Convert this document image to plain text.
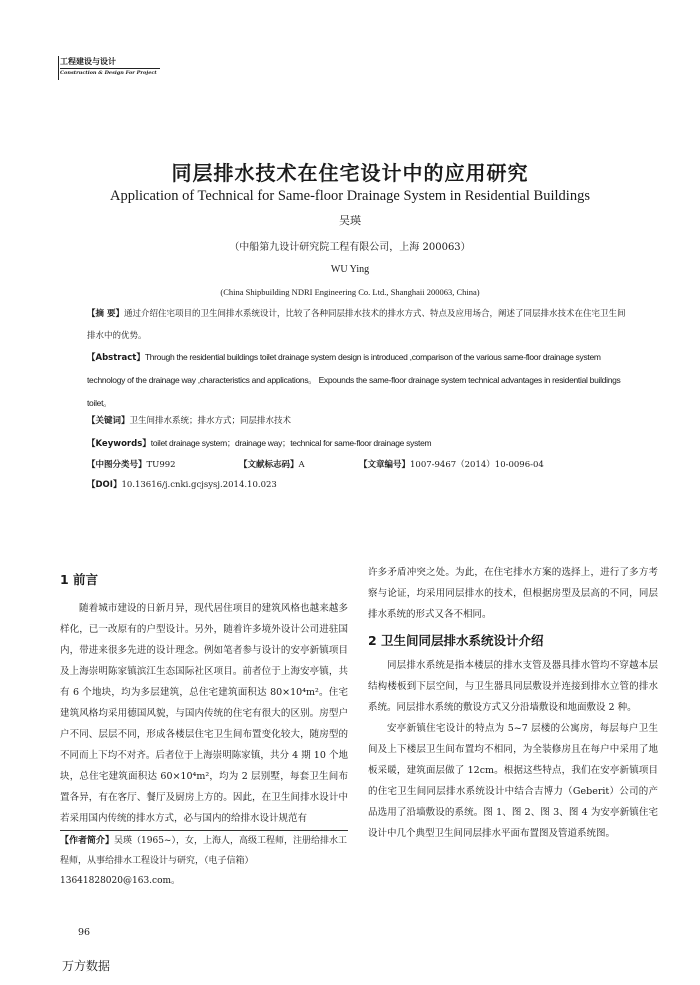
工程建设与设计
Construction & Design For Project
同层排水技术在住宅设计中的应用研究
Application of Technical for Same-floor Drainage System in Residential Buildings
吴瑛
（中船第九设计研究院工程有限公司，上海 200063）
WU Ying
(China Shipbuilding NDRI Engineering Co. Ltd., Shanghaii 200063, China)
【摘 要】通过介绍住宅项目的卫生间排水系统设计，比较了各种同层排水技术的排水方式、特点及应用场合，阐述了同层排水技术在住宅卫生间排水中的优势。
【Abstract】Through the residential buildings toilet drainage system design is introduced ,comparison of the various same-floor drainage system technology of the drainage way ,characteristics and applications。 Expounds the same-floor drainage system technical advantages in residential buildings toilet。
【关键词】卫生间排水系统；排水方式；同层排水技术
【Keywords】toilet drainage system；drainage way；technical for same-floor drainage system
【中图分类号】TU992	【文献标志码】A	【文章编号】1007-9467（2014）10-0096-04
【DOI】10.13616/j.cnki.gcjsysj.2014.10.023
1 前言

随着城市建设的日新月异，现代居住项目的建筑风格也越来越多样化，已一改原有的户型设计。另外，随着许多境外设计公司进驻国内，带进来很多先进的设计理念。例如笔者参与设计的安亭新镇项目及上海崇明陈家镇滨江生态国际社区项目。前者位于上海安亭镇，共有 6 个地块，均为多层建筑，总住宅建筑面积达 80×10⁴m²。住宅建筑风格均采用德国风貌，与国内传统的住宅有很大的区别。房型户户不同、层层不同，形成各楼层住宅卫生间布置变化较大，随房型的不同而上下均不对齐。后者位于上海崇明陈家镇，共分 4 期 10 个地块，总住宅建筑面积达 60×10⁴m²，均为 2 层别墅，每套卫生间布置各异，有在客厅、餐厅及厨房上方的。因此，在卫生间排水设计中若采用国内传统的排水方式，必与国内的给排水设计规范有

【作者简介】吴瑛（1965~），女，上海人，高级工程师，注册给排水工程师，从事给排水工程设计与研究，（电子信箱）13641828020@163.com。

许多矛盾冲突之处。为此，在住宅排水方案的选择上，进行了多方考察与论证，均采用同层排水的技术，但根据房型及层高的不同，同层排水系统的形式又各不相同。

2 卫生间同层排水系统设计介绍

同层排水系统是指本楼层的排水支管及器具排水管均不穿越本层结构楼板到下层空间，与卫生器具同层敷设并连接到排水立管的排水系统。同层排水系统的敷设方式又分沿墙敷设和地面敷设 2 种。

安亭新镇住宅设计的特点为 5~7 层楼的公寓房，每层每户卫生间及上下楼层卫生间布置均不相同，为全装修房且在每户中采用了地板采暖，建筑面层做了 12cm。根据这些特点，我们在安亭新镇项目的住宅卫生间同层排水系统设计中结合吉博力（Geberit）公司的产品选用了沿墙敷设的系统。图 1、图 2、图 3、图 4 为安亭新镇住宅设计中几个典型卫生间同层排水平面布置图及管道系统图。

96
万方数据
